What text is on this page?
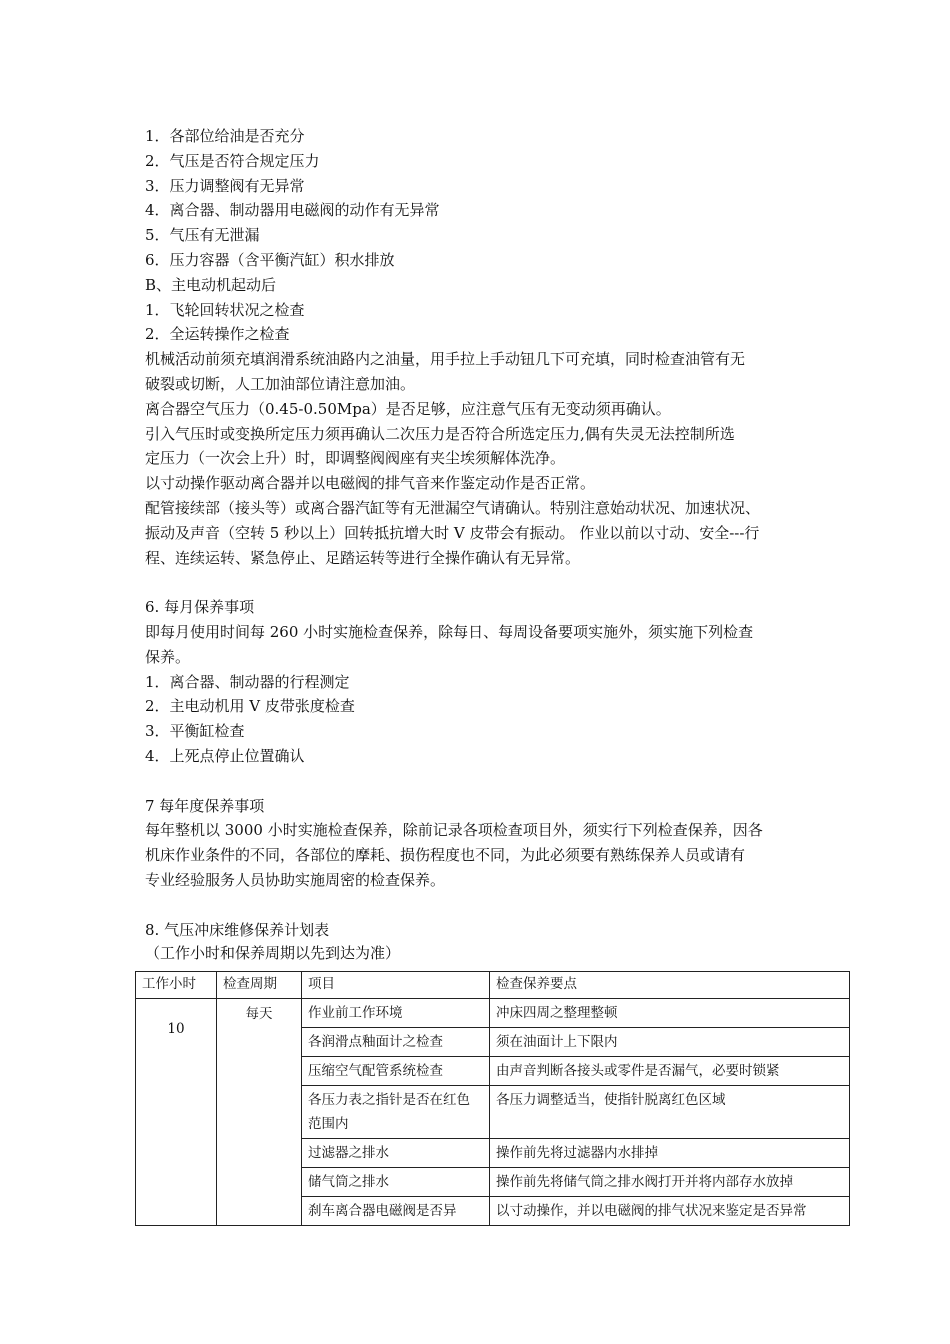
1．各部位给油是否充分
2．气压是否符合规定压力
3．压力调整阀有无异常
4．离合器、制动器用电磁阀的动作有无异常
5．气压有无泄漏
6．压力容器（含平衡汽缸）积水排放
B、主电动机起动后
1．飞轮回转状况之检查
2．全运转操作之检查
机械活动前须充填润滑系统油路内之油量，用手拉上手动钮几下可充填，同时检查油管有无
破裂或切断，人工加油部位请注意加油。
离合器空气压力（0.45-0.50Mpa）是否足够，应注意气压有无变动须再确认。
引入气压时或变换所定压力须再确认二次压力是否符合所选定压力,偶有失灵无法控制所选
定压力（一次会上升）时，即调整阀阀座有夹尘埃须解体洗净。
以寸动操作驱动离合器并以电磁阀的排气音来作鉴定动作是否正常。
配管接续部（接头等）或离合器汽缸等有无泄漏空气请确认。特别注意始动状况、加速状况、
振动及声音（空转 5 秒以上）回转抵抗增大时 V 皮带会有振动。 作业以前以寸动、安全---行
程、连续运转、紧急停止、足踏运转等进行全操作确认有无异常。
6. 每月保养事项
即每月使用时间每 260 小时实施检查保养，除每日、每周设备要项实施外，须实施下列检查
保养。
1．离合器、制动器的行程测定
2．主电动机用 V 皮带张度检查
3．平衡缸检查
4．上死点停止位置确认
7 每年度保养事项
每年整机以 3000 小时实施检查保养，除前记录各项检查项目外，须实行下列检查保养，因各
机床作业条件的不同，各部位的摩耗、损伤程度也不同，为此必须要有熟练保养人员或请有
专业经验服务人员协助实施周密的检查保养。
8. 气压冲床维修保养计划表
（工作小时和保养周期以先到达为准）
工作小时	检查周期	项目	检查保养要点
10	每天	作业前工作环境	冲床四周之整理整顿
		各润滑点釉面计之检查	须在油面计上下限内
		压缩空气配管系统检查	由声音判断各接头或零件是否漏气，必要时锁紧
		各压力表之指针是否在红色范围内	各压力调整适当，使指针脱离红色区域
		过滤器之排水	操作前先将过滤器内水排掉
		储气筒之排水	操作前先将储气筒之排水阀打开并将内部存水放掉
		刹车离合器电磁阀是否异	以寸动操作，并以电磁阀的排气状况来鉴定是否异常
